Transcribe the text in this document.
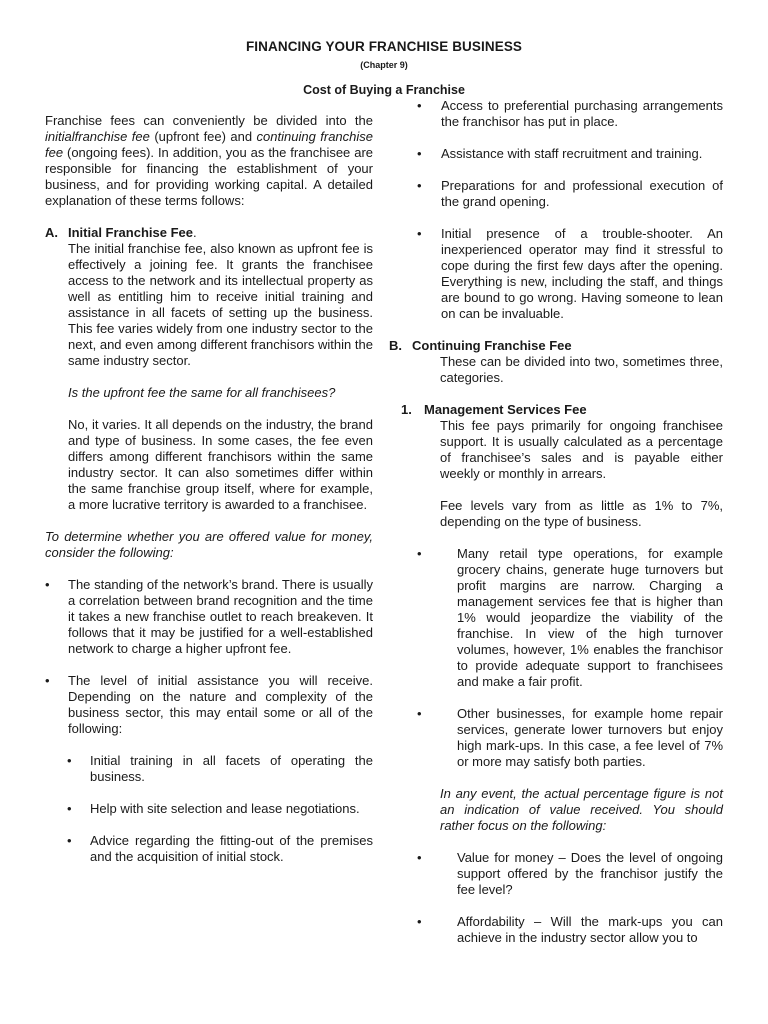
FINANCING YOUR FRANCHISE BUSINESS
(Chapter 9)
Cost of Buying a Franchise

Franchise fees can conveniently be divided into the initialfranchise fee (upfront fee) and continuing franchise fee (ongoing fees). In addition, you as the franchisee are responsible for financing the establishment of your business, and for providing working capital. A detailed explanation of these terms follows:

A. Initial Franchise Fee.

The initial franchise fee, also known as upfront fee is effectively a joining fee. It grants the franchisee access to the network and its intellectual property as well as entitling him to receive initial training and assistance in all facets of setting up the business. This fee varies widely from one industry sector to the next, and even among different franchisors within the same industry sector.

Is the upfront fee the same for all franchisees?

No, it varies. It all depends on the industry, the brand and type of business. In some cases, the fee even differs among different franchisors within the same industry sector. It can also sometimes differ within the same franchise group itself, where for example, a more lucrative territory is awarded to a franchisee.

To determine whether you are offered value for money, consider the following:

•
The standing of the network’s brand. There is usually a correlation between brand recognition and the time it takes a new franchise outlet to reach breakeven. It follows that it may be justified for a well-established network to charge a higher upfront fee.
•
The level of initial assistance you will receive. Depending on the nature and complexity of the business sector, this may entail some or all of the following:
•
Initial training in all facets of operating the business.
•
Help with site selection and lease negotiations.
•
Advice regarding the fitting-out of the premises and the acquisition of initial stock.
•
Access to preferential purchasing arrangements the franchisor has put in place.
•
Assistance with staff recruitment and training.
•
Preparations for and professional execution of the grand opening.
•
Initial presence of a trouble-shooter. An inexperienced operator may find it stressful to cope during the first few days after the opening. Everything is new, including the staff, and things are bound to go wrong. Having someone to lean on can be invaluable.
B. Continuing Franchise Fee

These can be divided into two, sometimes three, categories.

1. Management Services Fee

This fee pays primarily for ongoing franchisee support. It is usually calculated as a percentage of franchisee’s sales and is payable either weekly or monthly in arrears.

Fee levels vary from as little as 1% to 7%, depending on the type of business.

•
Many retail type operations, for example grocery chains, generate huge turnovers but profit margins are narrow. Charging a management services fee that is higher than 1% would jeopardize the viability of the franchise. In view of the high turnover volumes, however, 1% enables the franchisor to provide adequate support to franchisees and make a fair profit.
•
Other businesses, for example home repair services, generate lower turnovers but enjoy high mark-ups. In this case, a fee level of 7% or more may satisfy both parties.

In any event, the actual percentage figure is not an indication of value received. You should rather focus on the following:

•
Value for money – Does the level of ongoing support offered by the franchisor justify the fee level?
•
Affordability – Will the mark-ups you can achieve in the industry sector allow you to
